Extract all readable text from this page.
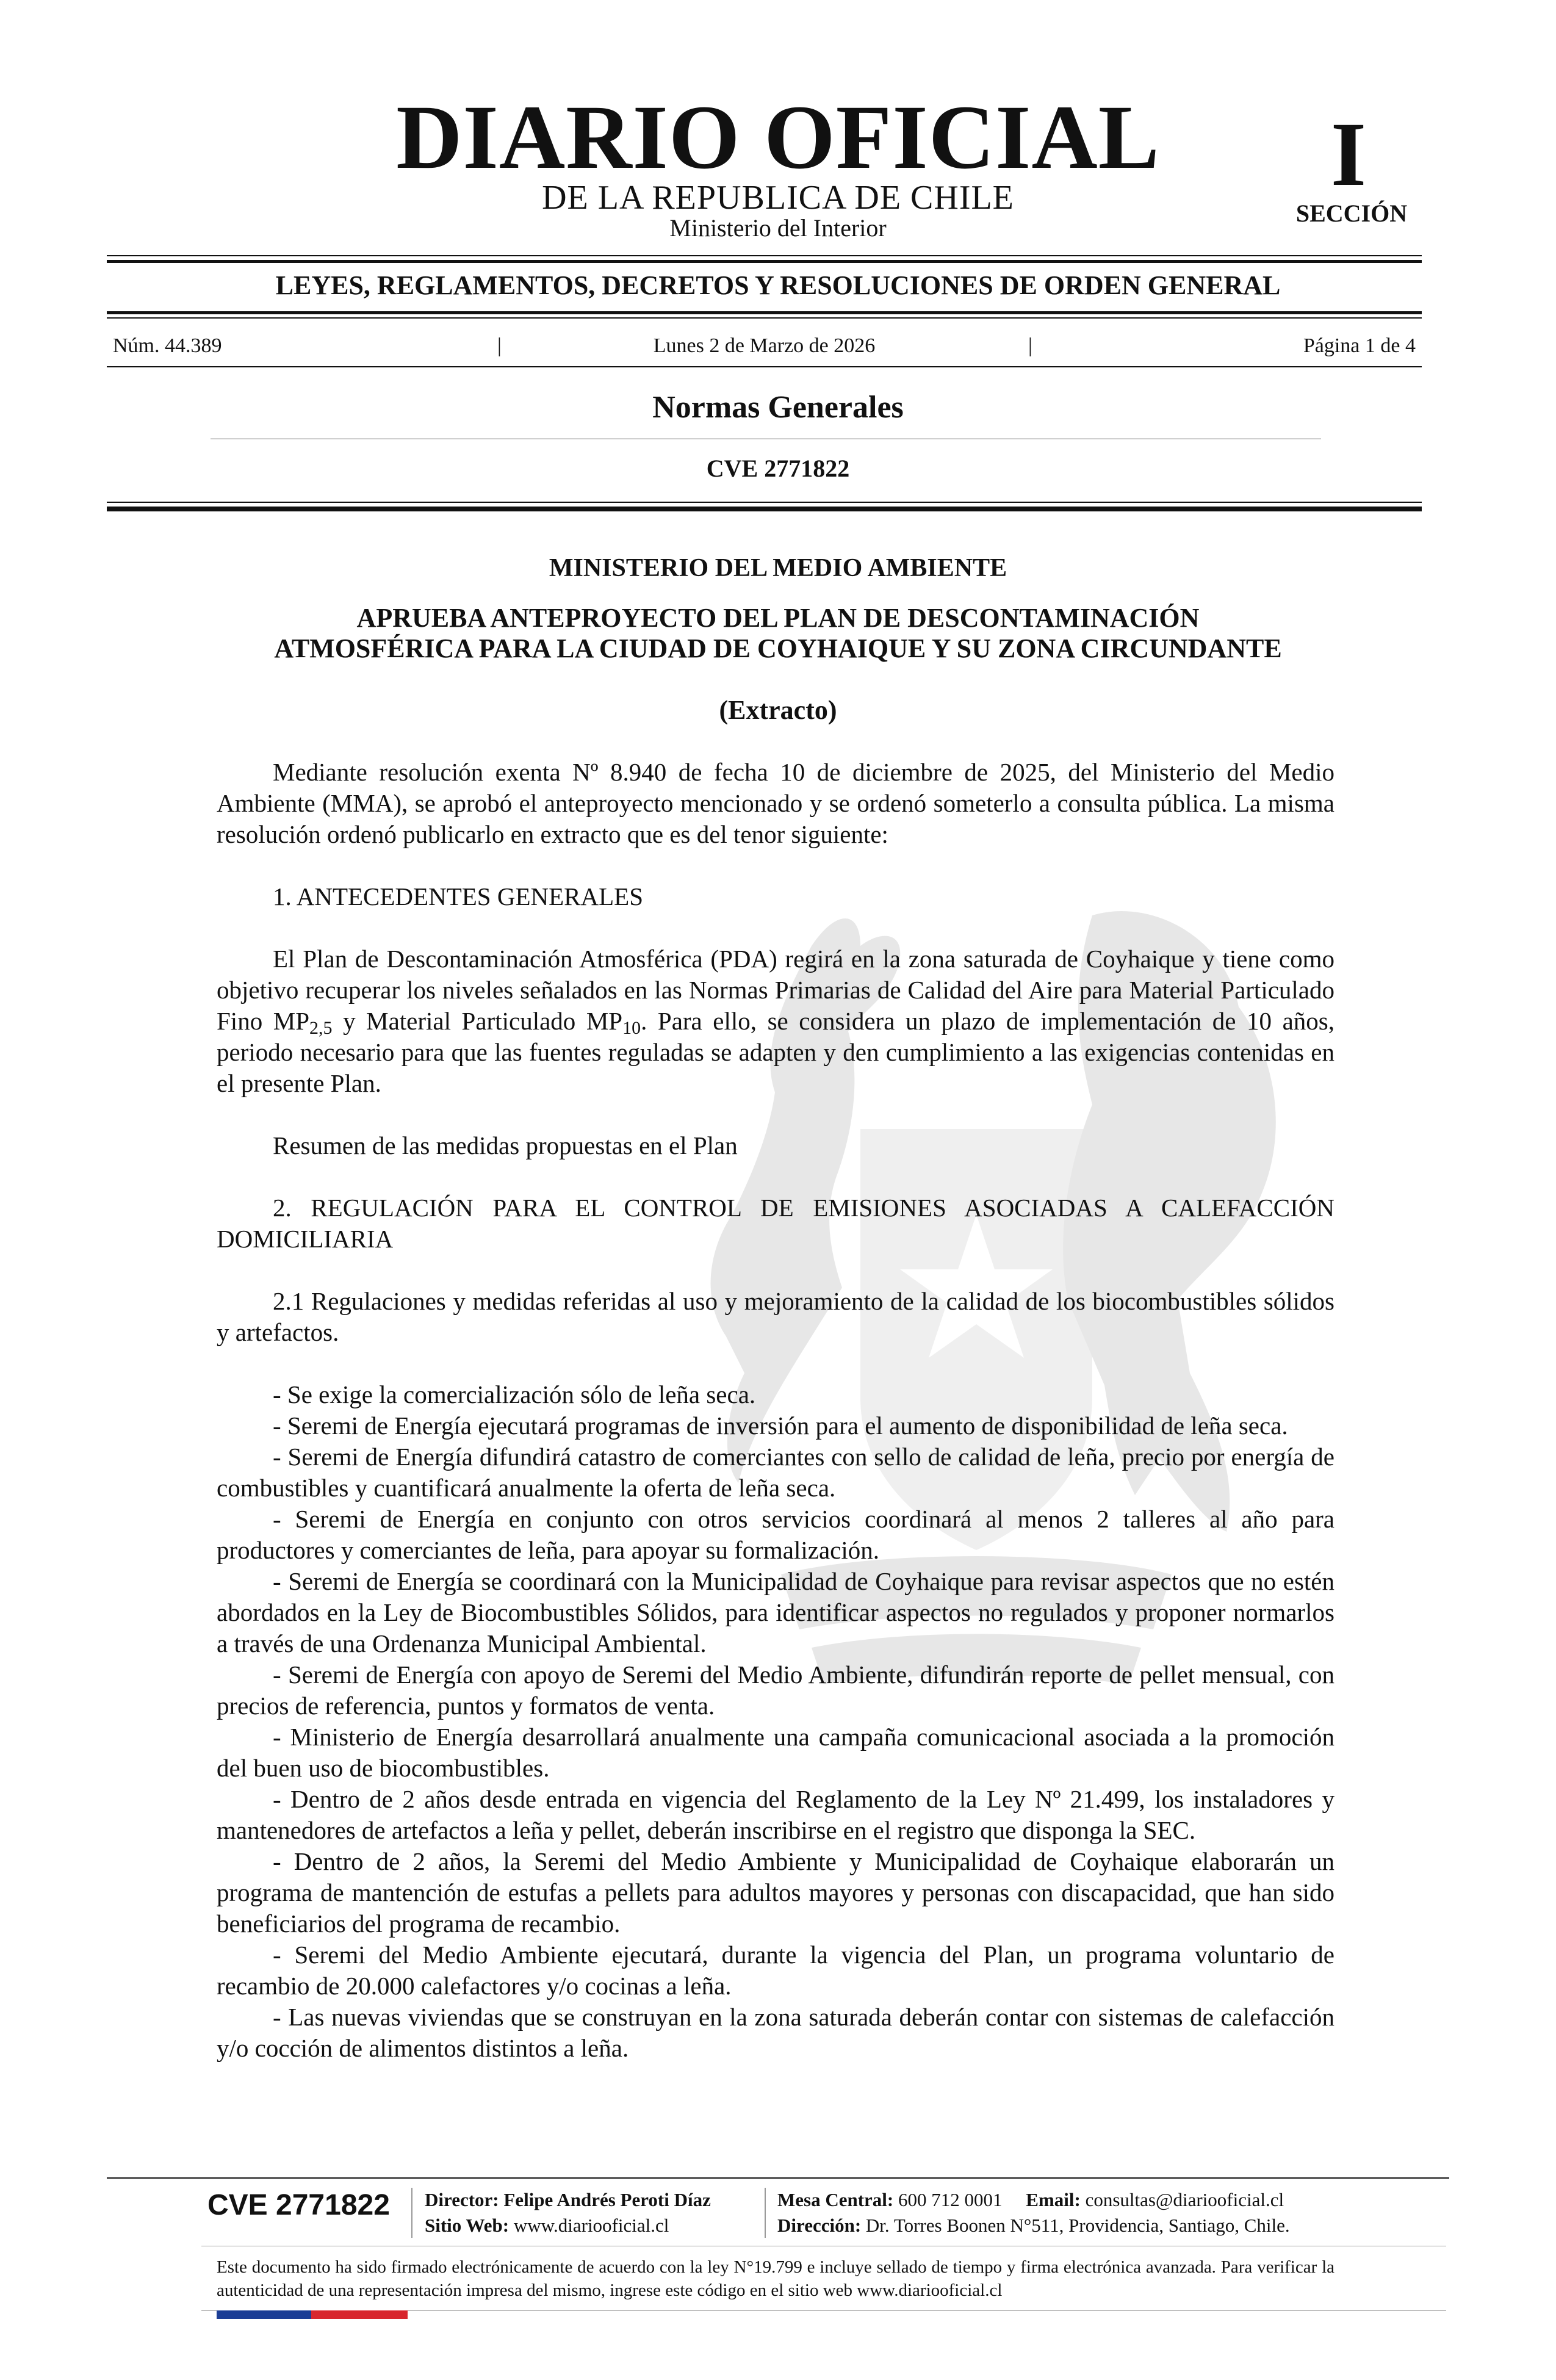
DIARIO OFICIAL
DE LA REPUBLICA DE CHILE
Ministerio del Interior
I
SECCIÓN
LEYES, REGLAMENTOS, DECRETOS Y RESOLUCIONES DE ORDEN GENERAL
Núm. 44.389	|	Lunes 2 de Marzo de 2026	|	Página 1 de 4
Normas Generales
CVE 2771822
MINISTERIO DEL MEDIO AMBIENTE
APRUEBA ANTEPROYECTO DEL PLAN DE DESCONTAMINACIÓN
ATMOSFÉRICA PARA LA CIUDAD DE COYHAIQUE Y SU ZONA CIRCUNDANTE
(Extracto)

Mediante resolución exenta Nº 8.940 de fecha 10 de diciembre de 2025, del Ministerio del Medio Ambiente (MMA), se aprobó el anteproyecto mencionado y se ordenó someterlo a consulta pública. La misma resolución ordenó publicarlo en extracto que es del tenor siguiente:

1. ANTECEDENTES GENERALES

El Plan de Descontaminación Atmosférica (PDA) regirá en la zona saturada de Coyhaique y tiene como objetivo recuperar los niveles señalados en las Normas Primarias de Calidad del Aire para Material Particulado Fino $MP_{2,5}$ y Material Particulado $MP_{10}$. Para ello, se considera un plazo de implementación de 10 años, periodo necesario para que las fuentes reguladas se adapten y den cumplimiento a las exigencias contenidas en el presente Plan.

Resumen de las medidas propuestas en el Plan

2. REGULACIÓN PARA EL CONTROL DE EMISIONES ASOCIADAS A CALEFACCIÓN DOMICILIARIA

2.1 Regulaciones y medidas referidas al uso y mejoramiento de la calidad de los biocombustibles sólidos y artefactos.

- Se exige la comercialización sólo de leña seca.

- Seremi de Energía ejecutará programas de inversión para el aumento de disponibilidad de leña seca.

- Seremi de Energía difundirá catastro de comerciantes con sello de calidad de leña, precio por energía de combustibles y cuantificará anualmente la oferta de leña seca.

- Seremi de Energía en conjunto con otros servicios coordinará al menos 2 talleres al año para productores y comerciantes de leña, para apoyar su formalización.

- Seremi de Energía se coordinará con la Municipalidad de Coyhaique para revisar aspectos que no estén abordados en la Ley de Biocombustibles Sólidos, para identificar aspectos no regulados y proponer normarlos a través de una Ordenanza Municipal Ambiental.

- Seremi de Energía con apoyo de Seremi del Medio Ambiente, difundirán reporte de pellet mensual, con precios de referencia, puntos y formatos de venta.

- Ministerio de Energía desarrollará anualmente una campaña comunicacional asociada a la promoción del buen uso de biocombustibles.

- Dentro de 2 años desde entrada en vigencia del Reglamento de la Ley Nº 21.499, los instaladores y mantenedores de artefactos a leña y pellet, deberán inscribirse en el registro que disponga la SEC.

- Dentro de 2 años, la Seremi del Medio Ambiente y Municipalidad de Coyhaique elaborarán un programa de mantención de estufas a pellets para adultos mayores y personas con discapacidad, que han sido beneficiarios del programa de recambio.

- Seremi del Medio Ambiente ejecutará, durante la vigencia del Plan, un programa voluntario de recambio de 20.000 calefactores y/o cocinas a leña.

- Las nuevas viviendas que se construyan en la zona saturada deberán contar con sistemas de calefacción y/o cocción de alimentos distintos a leña.

CVE 2771822 Director: Felipe Andrés Peroti Díaz
Sitio Web: www.diariooficial.cl
Mesa Central: 600 712 0001 Email: consultas@diariooficial.cl
Dirección: Dr. Torres Boonen N°511, Providencia, Santiago, Chile.
Este documento ha sido firmado electrónicamente de acuerdo con la ley N°19.799 e incluye sellado de tiempo y firma electrónica avanzada. Para verificar la autenticidad de una representación impresa del mismo, ingrese este código en el sitio web www.diariooficial.cl
